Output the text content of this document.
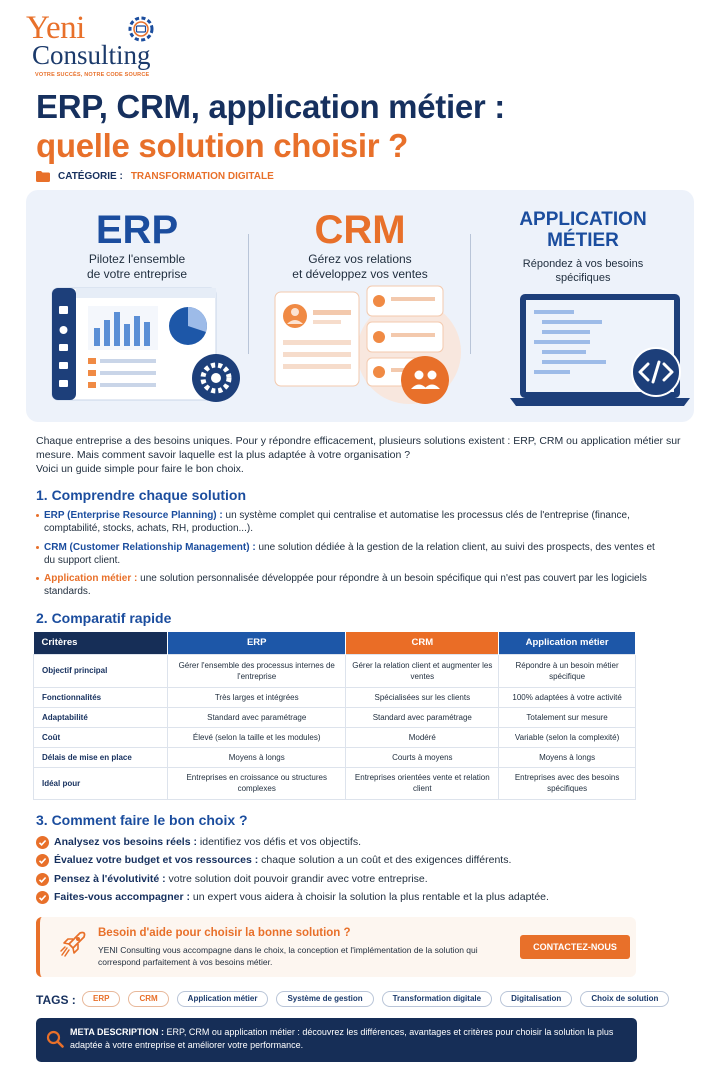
Yeni
Consulting
VOTRE SUCCÈS, NOTRE CODE SOURCE
ERP, CRM, application métier :
quelle solution choisir ?
CATÉGORIE : TRANSFORMATION DIGITALE
ERP
Pilotez l'ensemble
de votre entreprise
CRM
Gérez vos relations
et développez vos ventes
APPLICATION
MÉTIER
Répondez à vos besoins
spécifiques
Chaque entreprise a des besoins uniques. Pour y répondre efficacement, plusieurs solutions existent : ERP, CRM ou application métier sur mesure. Mais comment savoir laquelle est la plus adaptée à votre organisation ?
Voici un guide simple pour faire le bon choix.
1. Comprendre chaque solution
ERP (Enterprise Resource Planning) : un système complet qui centralise et automatise les processus clés de l'entreprise (finance, comptabilité, stocks, achats, RH, production...).
CRM (Customer Relationship Management) : une solution dédiée à la gestion de la relation client, au suivi des prospects, des ventes et du support client.
Application métier : une solution personnalisée développée pour répondre à un besoin spécifique qui n'est pas couvert par les logiciels standards.
2. Comparatif rapide
Critères	ERP	CRM	Application métier
Objectif principal	Gérer l'ensemble des processus internes de l'entreprise	Gérer la relation client et augmenter les ventes	Répondre à un besoin métier spécifique
Fonctionnalités	Très larges et intégrées	Spécialisées sur les clients	100% adaptées à votre activité
Adaptabilité	Standard avec paramétrage	Standard avec paramétrage	Totalement sur mesure
Coût	Élevé (selon la taille et les modules)	Modéré	Variable (selon la complexité)
Délais de mise en place	Moyens à longs	Courts à moyens	Moyens à longs
Idéal pour	Entreprises en croissance ou structures complexes	Entreprises orientées vente et relation client	Entreprises avec des besoins spécifiques
3. Comment faire le bon choix ?
Analysez vos besoins réels : identifiez vos défis et vos objectifs.
Évaluez votre budget et vos ressources : chaque solution a un coût et des exigences différents.
Pensez à l'évolutivité : votre solution doit pouvoir grandir avec votre entreprise.
Faites-vous accompagner : un expert vous aidera à choisir la solution la plus rentable et la plus adaptée.
Besoin d'aide pour choisir la bonne solution ?
YENI Consulting vous accompagne dans le choix, la conception et l'implémentation de la solution qui correspond parfaitement à vos besoins métier.
CONTACTEZ-NOUS
TAGS :	ERP	CRM	Application métier	Système de gestion	Transformation digitale	Digitalisation	Choix de solution
META DESCRIPTION : ERP, CRM ou application métier : découvrez les différences, avantages et critères pour choisir la solution la plus adaptée à votre entreprise et améliorer votre performance.
